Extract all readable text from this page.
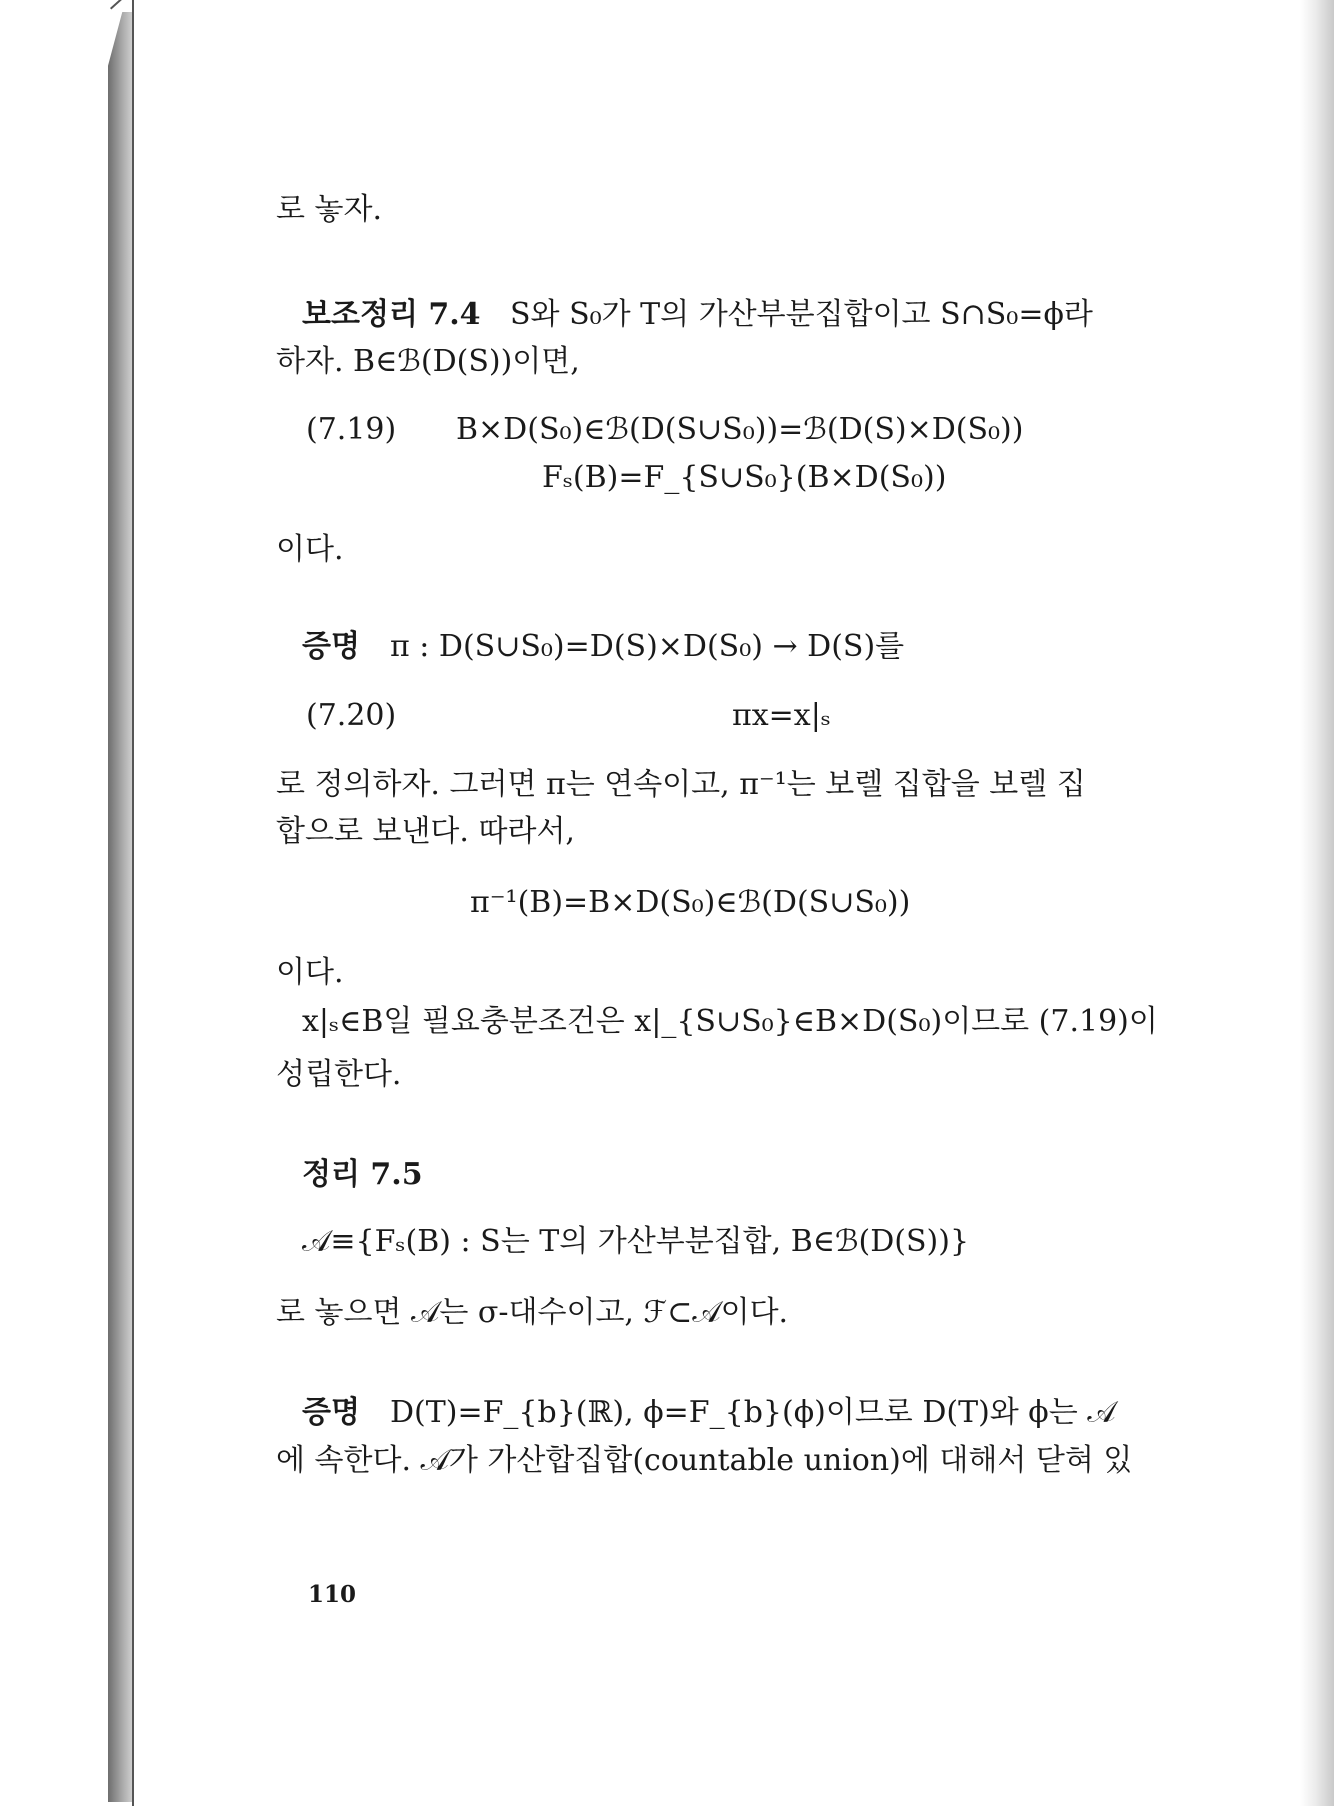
로 놓자.
보조정리 7.4 S와 S₀가 T의 가산부분집합이고 S∩S₀=ϕ라
하자. B∈ℬ(D(S))이면,
(7.19) B×D(S₀)∈ℬ(D(S∪S₀))=ℬ(D(S)×D(S₀))
Fₛ(B)=F_{S∪S₀}(B×D(S₀))
이다.
증명 π : D(S∪S₀)=D(S)×D(S₀) → D(S)를
(7.20)	πx=x|ₛ
로 정의하자. 그러면 π는 연속이고, π⁻¹는 보렐 집합을 보렐 집
합으로 보낸다. 따라서,
π⁻¹(B)=B×D(S₀)∈ℬ(D(S∪S₀))
이다.
x|ₛ∈B일 필요충분조건은 x|_{S∪S₀}∈B×D(S₀)이므로 (7.19)이
성립한다.
정리 7.5
𝒜≡{Fₛ(B) : S는 T의 가산부분집합, B∈ℬ(D(S))}
로 놓으면 𝒜는 σ-대수이고, ℱ⊂𝒜이다.
증명 D(T)=F_{b}(ℝ), ϕ=F_{b}(ϕ)이므로 D(T)와 ϕ는 𝒜
에 속한다. 𝒜가 가산합집합(countable union)에 대해서 닫혀 있
110
